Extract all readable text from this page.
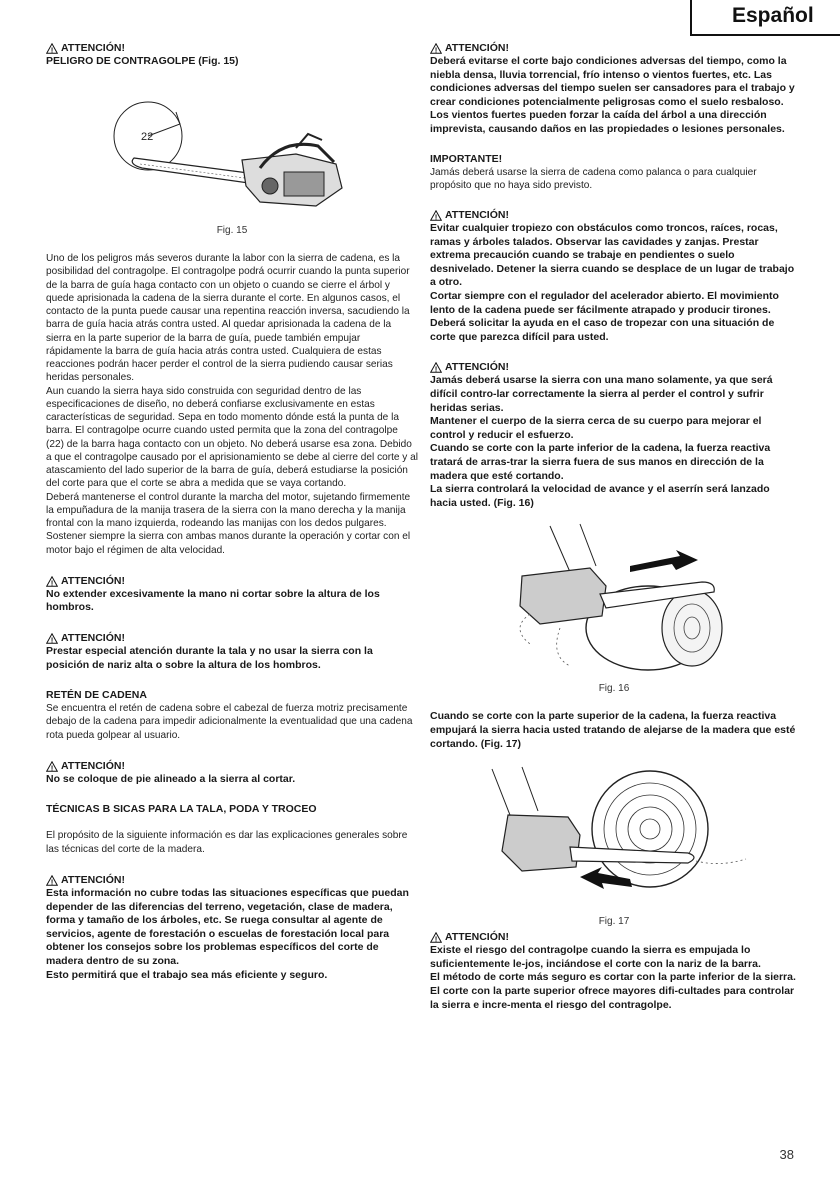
Español
! ATTENCIÓN!

PELIGRO DE CONTRAGOLPE (Fig. 15)

22
Fig. 15

Uno de los peligros más severos durante la labor con la sierra de cadena, es la posibilidad del contragolpe. El contragolpe podrá ocurrir cuando la punta superior de la barra de guía haga contacto con un objeto o cuando se cierre el árbol y quede aprisionada la cadena de la sierra durante el corte. En algunos casos, el contacto de la punta puede causar una repentina reacción inversa, sacudiendo la barra de guía hacia atrás contra usted. Al quedar aprisionada la cadena de la sierra en la parte superior de la barra de guía, puede también empujar rápidamente la barra de guía hacia atrás contra usted. Cualquiera de estas reacciones podrán hacer perder el control de la sierra pudiendo causar serias heridas personales.

Aun cuando la sierra haya sido construida con seguridad dentro de las especificaciones de diseño, no deberá confiarse exclusivamente en estas características de seguridad. Sepa en todo momento dónde está la punta de la barra. El contragolpe ocurre cuando usted permita que la zona del contragolpe (22) de la barra haga contacto con un objeto. No deberá usarse esa zona. Debido a que el contragolpe causado por el aprisionamiento se debe al cierre del corte y al atascamiento del lado superior de la barra de guía, deberá estudiarse la posición del corte para que el corte se abra a medida que se vaya cortando.

Deberá mantenerse el control durante la marcha del motor, sujetando firmemente la empuñadura de la manija trasera de la sierra con la mano derecha y la manija frontal con la mano izquierda, rodeando las manijas con los dedos pulgares. Sostener siempre la sierra con ambas manos durante la operación y cortar con el motor bajo el régimen de alta velocidad.

! ATTENCIÓN!

No extender excesivamente la mano ni cortar sobre la altura de los hombros.

! ATTENCIÓN!

Prestar especial atención durante la tala y no usar la sierra con la posición de nariz alta o sobre la altura de los hombros.

RETÉN DE CADENA

Se encuentra el retén de cadena sobre el cabezal de fuerza motriz precisamente debajo de la cadena para impedir adicionalmente la eventualidad que una cadena rota pueda golpear al usuario.

! ATTENCIÓN!

No se coloque de pie alineado a la sierra al cortar.

TÉCNICAS B SICAS PARA LA TALA, PODA Y TROCEO

El propósito de la siguiente información es dar las explicaciones generales sobre las técnicas del corte de la madera.

! ATTENCIÓN!

Esta información no cubre todas las situaciones específicas que puedan depender de las diferencias del terreno, vegetación, clase de madera, forma y tamaño de los árboles, etc. Se ruega consultar al agente de servicios, agente de forestación o escuelas de forestación local para obtener los consejos sobre los problemas específicos del corte de madera dentro de su zona.

Esto permitirá que el trabajo sea más eficiente y seguro.

! ATTENCIÓN!

Deberá evitarse el corte bajo condiciones adversas del tiempo, como la niebla densa, lluvia torrencial, frío intenso o vientos fuertes, etc. Las condiciones adversas del tiempo suelen ser cansadores para el trabajo y crear condiciones potencialmente peligrosas como el suelo resbaloso.

Los vientos fuertes pueden forzar la caída del árbol a una dirección imprevista, causando daños en las propiedades o lesiones personales.

IMPORTANTE!

Jamás deberá usarse la sierra de cadena como palanca o para cualquier propósito que no haya sido previsto.

! ATTENCIÓN!

Evitar cualquier tropiezo con obstáculos como troncos, raíces, rocas, ramas y árboles talados. Observar las cavidades y zanjas. Prestar extrema precaución cuando se trabaje en pendientes o suelo desnivelado. Detener la sierra cuando se desplace de un lugar de trabajo a otro.

Cortar siempre con el regulador del acelerador abierto. El movimiento lento de la cadena puede ser fácilmente atrapado y producir tirones.

Deberá solicitar la ayuda en el caso de tropezar con una situación de corte que parezca difícil para usted.

! ATTENCIÓN!

Jamás deberá usarse la sierra con una mano solamente, ya que será difícil contro-lar correctamente la sierra al perder el control y sufrir heridas serias.

Mantener el cuerpo de la sierra cerca de su cuerpo para mejorar el control y reducir el esfuerzo.

Cuando se corte con la parte inferior de la cadena, la fuerza reactiva tratará de arras-trar la sierra fuera de sus manos en dirección de la madera que esté cortando.

La sierra controlará la velocidad de avance y el aserrín será lanzado hacia usted. (Fig. 16)

Fig. 16

Cuando se corte con la parte superior de la cadena, la fuerza reactiva empujará la sierra hacia usted tratando de alejarse de la madera que esté cortando. (Fig. 17)

Fig. 17
! ATTENCIÓN!

Existe el riesgo del contragolpe cuando la sierra es empujada lo suficientemente le-jos, inciándose el corte con la nariz de la barra.

El método de corte más seguro es cortar con la parte inferior de la sierra. El corte con la parte superior ofrece mayores difi-cultades para controlar la sierra e incre-menta el riesgo del contragolpe.

38
